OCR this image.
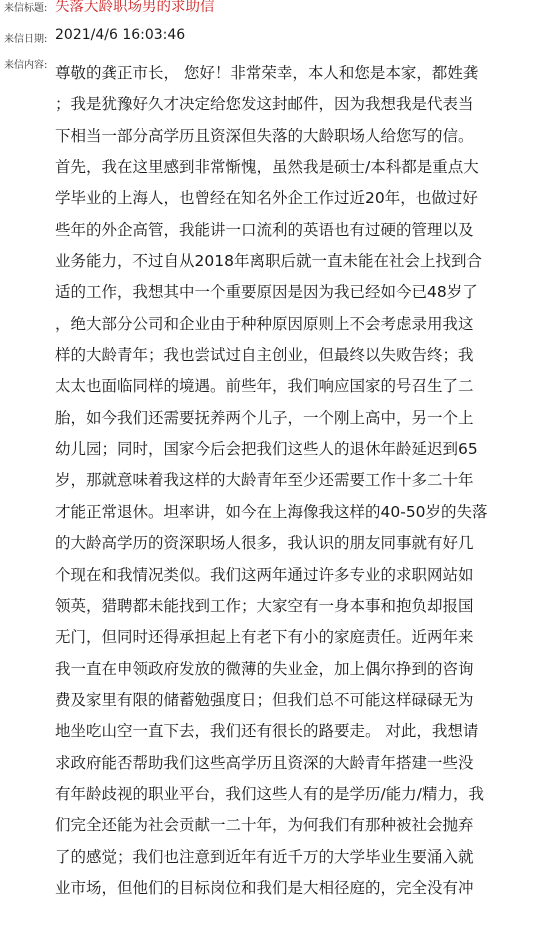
来信标题: 失落大龄职场男的求助信
来信日期: 2021/4/6 16:03:46
来信内容: 尊敬的龚正市长， 您好！非常荣幸，本人和您是本家，都姓龚
；我是犹豫好久才决定给您发这封邮件，因为我想我是代表当
下相当一部分高学历且资深但失落的大龄职场人给您写的信。
首先，我在这里感到非常惭愧，虽然我是硕士/本科都是重点大
学毕业的上海人，也曾经在知名外企工作过近20年，也做过好
些年的外企高管，我能讲一口流利的英语也有过硬的管理以及
业务能力，不过自从2018年离职后就一直未能在社会上找到合
适的工作，我想其中一个重要原因是因为我已经如今已48岁了
，绝大部分公司和企业由于种种原因原则上不会考虑录用我这
样的大龄青年；我也尝试过自主创业，但最终以失败告终；我
太太也面临同样的境遇。前些年，我们响应国家的号召生了二
胎，如今我们还需要抚养两个儿子，一个刚上高中，另一个上
幼儿园；同时，国家今后会把我们这些人的退休年龄延迟到65
岁，那就意味着我这样的大龄青年至少还需要工作十多二十年
才能正常退休。坦率讲，如今在上海像我这样的40-50岁的失落
的大龄高学历的资深职场人很多，我认识的朋友同事就有好几
个现在和我情况类似。我们这两年通过许多专业的求职网站如
领英，猎聘都未能找到工作；大家空有一身本事和抱负却报国
无门，但同时还得承担起上有老下有小的家庭责任。近两年来
我一直在申领政府发放的微薄的失业金，加上偶尔挣到的咨询
费及家里有限的储蓄勉强度日；但我们总不可能这样碌碌无为
地坐吃山空一直下去，我们还有很长的路要走。 对此，我想请
求政府能否帮助我们这些高学历且资深的大龄青年搭建一些没
有年龄歧视的职业平台，我们这些人有的是学历/能力/精力，我
们完全还能为社会贡献一二十年，为何我们有那种被社会抛弃
了的感觉；我们也注意到近年有近千万的大学毕业生要涌入就
业市场，但他们的目标岗位和我们是大相径庭的，完全没有冲
